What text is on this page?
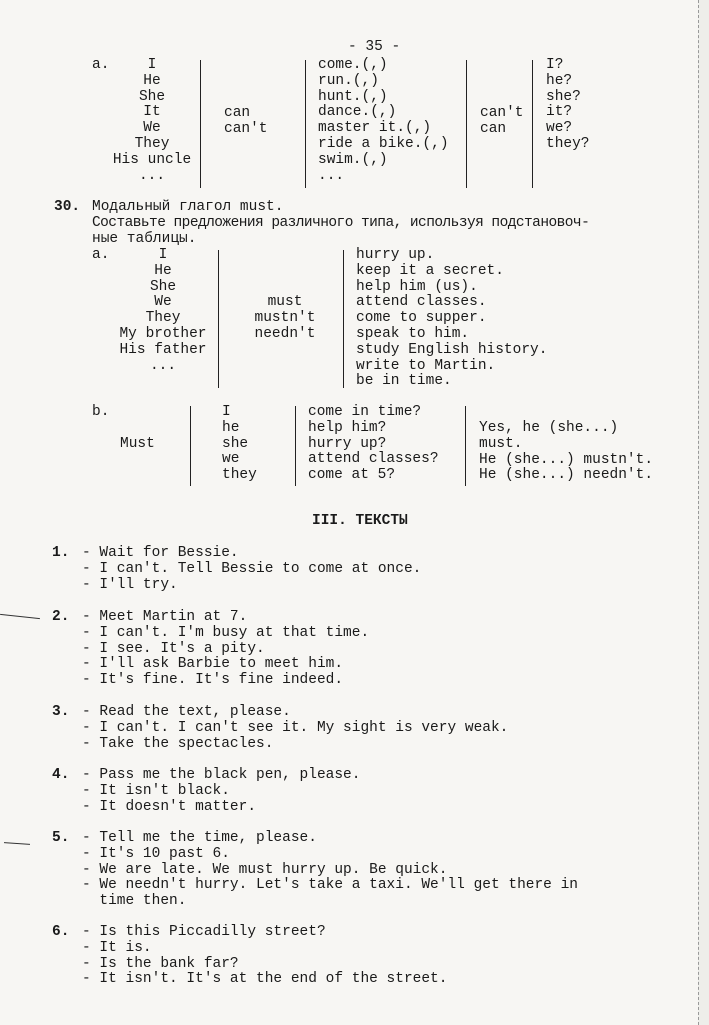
- 35 -
a.	I
He
She
It
We
They
His uncle
...
can
can't
come.(,)
run.(,)
hunt.(,)
dance.(,)
master it.(,)
ride a bike.(,)
swim.(,)
...
can't
can
I?
he?
she?
it?
we?
they?
30. Модальный глагол must.
Составьте предложения различного типа, используя подстановоч-
ные таблицы.
a.	I
He
She
We
They
My brother
His father
...
must
mustn't
needn't
hurry up.
keep it a secret.
help him (us).
attend classes.
come to supper.
speak to him.
study English history.
write to Martin.
be in time.
b.
Must
I
he
she
we
they
come in time?
help him?
hurry up?
attend classes?
come at 5?
Yes, he (she...)
must.
He (she...) mustn't.
He (she...) needn't.
III. ТЕКСТЫ
1. - Wait for Bessie.
- I can't. Tell Bessie to come at once.
- I'll try.
2. - Meet Martin at 7.
- I can't. I'm busy at that time.
- I see. It's a pity.
- I'll ask Barbie to meet him.
- It's fine. It's fine indeed.
3. - Read the text, please.
- I can't. I can't see it. My sight is very weak.
- Take the spectacles.
4. - Pass me the black pen, please.
- It isn't black.
- It doesn't matter.
5. - Tell me the time, please.
- It's 10 past 6.
- We are late. We must hurry up. Be quick.
- We needn't hurry. Let's take a taxi. We'll get there in
time then.
6. - Is this Piccadilly street?
- It is.
- Is the bank far?
- It isn't. It's at the end of the street.
